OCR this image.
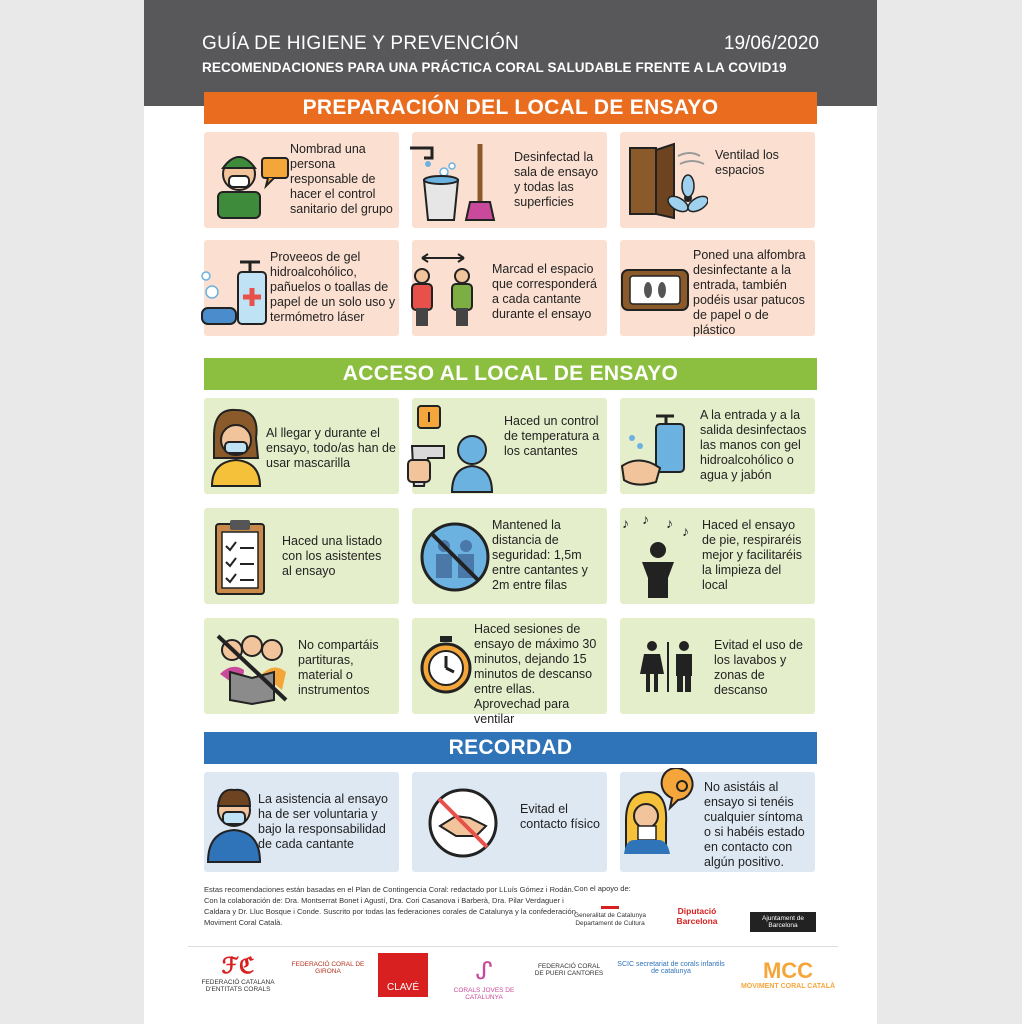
GUÍA DE HIGIENE Y PREVENCIÓN	19/06/2020
RECOMENDACIONES PARA UNA PRÁCTICA CORAL SALUDABLE FRENTE A LA COVID19
PREPARACIÓN DEL LOCAL DE ENSAYO
Nombrad una persona responsable de hacer el control sanitario del grupo
Desinfectad la sala de ensayo y todas las superficies
Ventilad los espacios
Proveeos de gel hidroalcohólico, pañuelos o toallas de papel de un solo uso y termómetro láser
Marcad el espacio que corresponderá a cada cantante durante el ensayo
Poned una alfombra desinfectante a la entrada, también podéis usar patucos de papel o de plástico
ACCESO AL LOCAL DE ENSAYO
Al llegar y durante el ensayo, todo/as han de usar mascarilla
Haced un control de temperatura a los cantantes
A la entrada y a la salida desinfectaos las manos con gel hidroalcohólico o agua y jabón
Haced una listado con los asistentes al ensayo
Mantened la distancia de seguridad: 1,5m entre cantantes y 2m entre filas
♪ ♪ ♪ ♪ Haced el ensayo de pie, respiraréis mejor y facilitaréis la limpieza del local
No compartáis partituras, material o instrumentos
Haced sesiones de ensayo de máximo 30 minutos, dejando 15 minutos de descanso entre ellas. Aprovechad para ventilar
Evitad el uso de los lavabos y zonas de descanso
RECORDAD
La asistencia al ensayo ha de ser voluntaria y bajo la responsabilidad de cada cantante
Evitad el contacto físico
No asistáis al ensayo si tenéis cualquier síntoma o si habéis estado en contacto con algún positivo.
Estas recomendaciones están basadas en el Plan de Contingencia Coral: redactado por LLuís Gómez i Rodán. Con la colaboración de: Dra. Montserrat Bonet i Agustí, Dra. Cori Casanova i Barberà, Dra. Pilar Verdaguer i Caldara y Dr. Lluc Bosque i Conde. Suscrito por todas las federaciones corales de Catalunya y la confederación Moviment Coral Català.
Con el apoyo de:
Generalitat de Catalunya Departament de Cultura
Diputació Barcelona	Ajuntament de Barcelona
ℱℭ
FEDERACIÓ CATALANA D'ENTITATS CORALS
FEDERACIÓ CORAL DE GIRONA
CLAVÉ
ᔑ
CORALS JOVES DE CATALUNYA
FEDERACIÓ CORAL DE PUERI CANTORES
SCIC secretariat de corals infantils de catalunya	MCC
MOVIMENT CORAL CATALÀ
